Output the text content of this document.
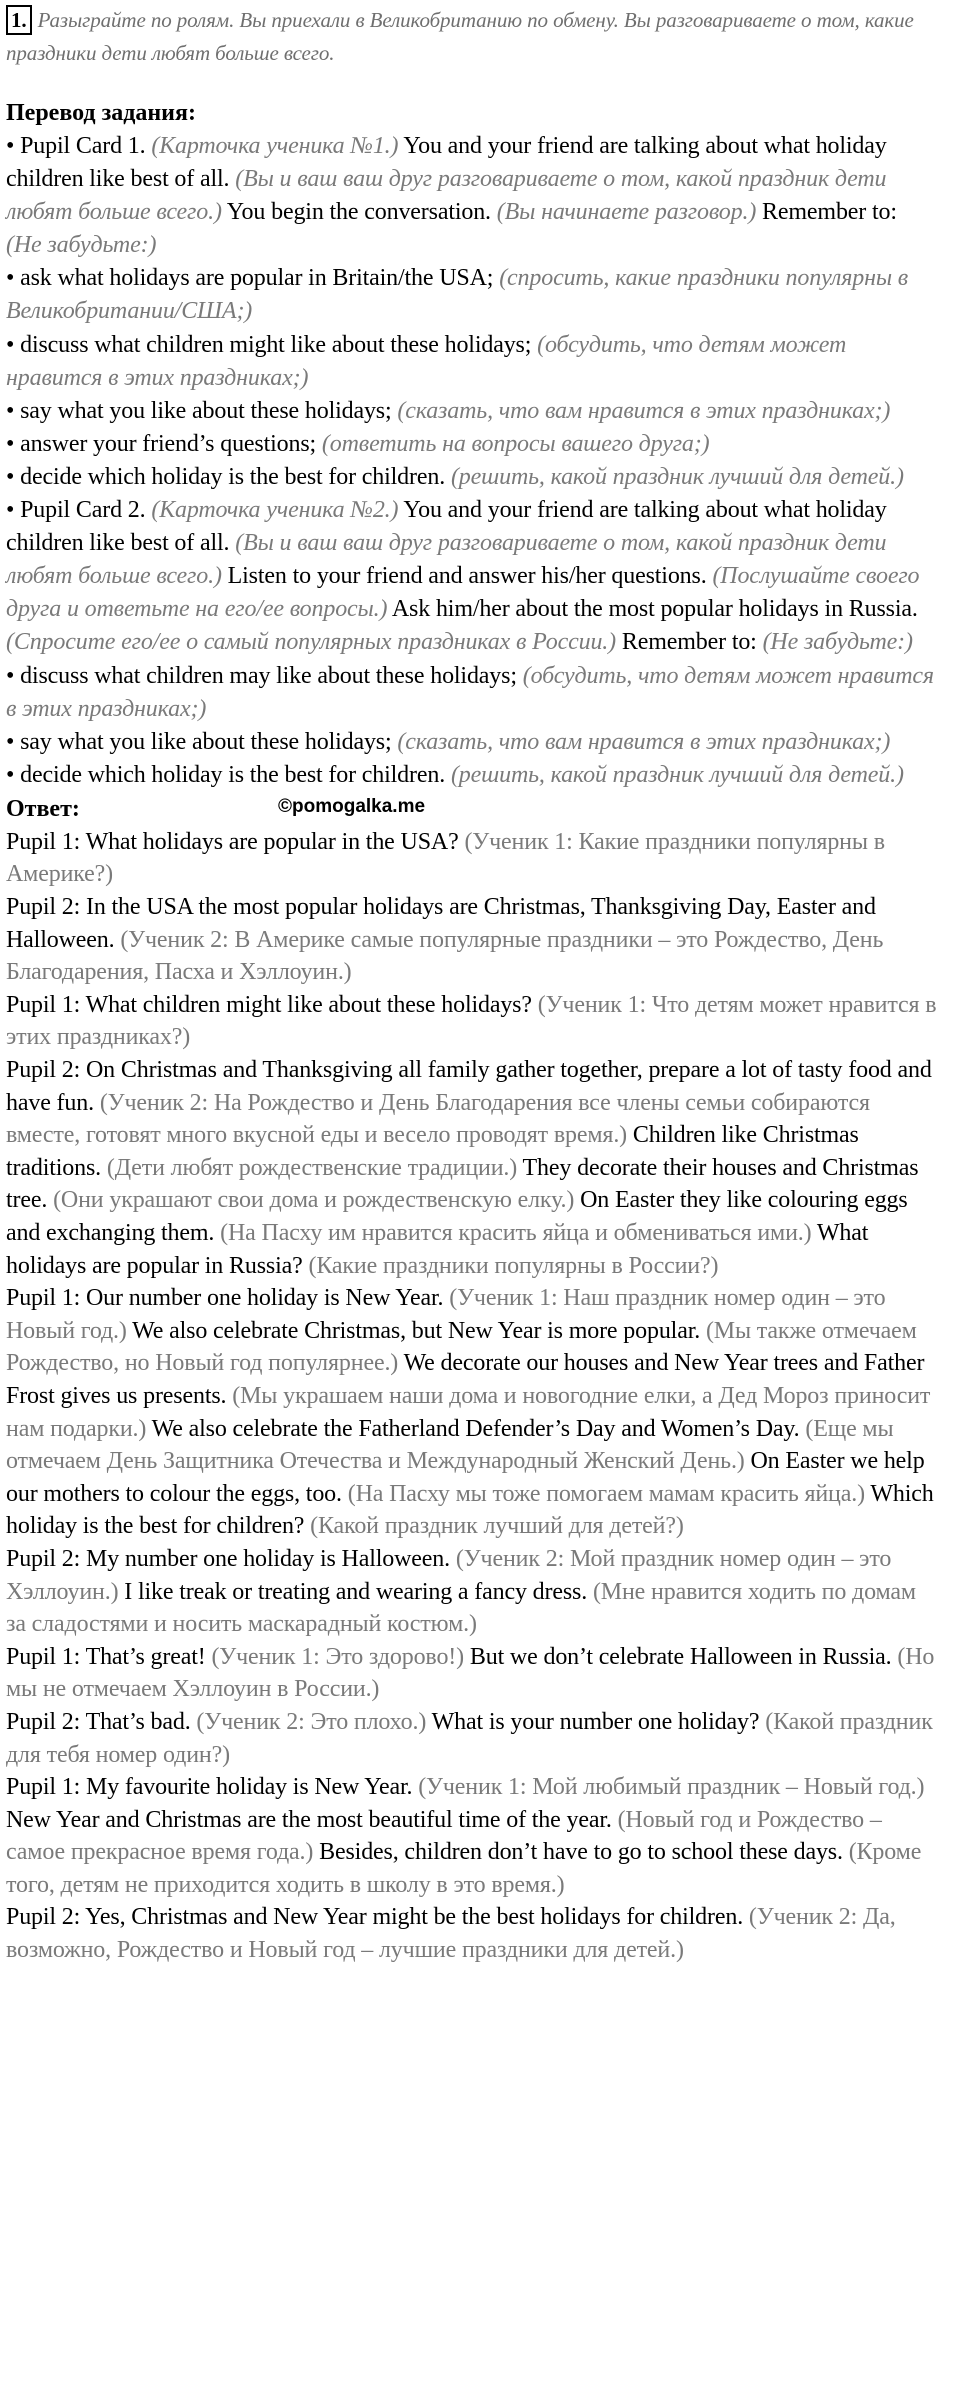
1. Разыграйте по ролям. Вы приехали в Великобританию по обмену. Вы разговариваете о том, какие праздники дети любят больше всего.
Перевод задания:
• Pupil Card 1. (Карточка ученика №1.) You and your friend are talking about what holiday children like best of all. (Вы и ваш ваш друг разговариваете о том, какой праздник дети любят больше всего.) You begin the conversation. (Вы начинаете разговор.) Remember to: (Не забудьте:)
• ask what holidays are popular in Britain/the USA; (спросить, какие праздники популярны в Великобритании/США;)
• discuss what children might like about these holidays; (обсудить, что детям может нравится в этих праздниках;)
• say what you like about these holidays; (сказать, что вам нравится в этих праздниках;)
• answer your friend’s questions; (ответить на вопросы вашего друга;)
• decide which holiday is the best for children. (решить, какой праздник лучший для детей.)
• Pupil Card 2. (Карточка ученика №2.) You and your friend are talking about what holiday children like best of all. (Вы и ваш ваш друг разговариваете о том, какой праздник дети любят больше всего.) Listen to your friend and answer his/her questions. (Послушайте своего друга и ответьте на его/ее вопросы.) Ask him/her about the most popular holidays in Russia. (Спросите его/ее о самый популярных праздниках в России.) Remember to: (Не забудьте:)
• discuss what children may like about these holidays; (обсудить, что детям может нравится в этих праздниках;)
• say what you like about these holidays; (сказать, что вам нравится в этих праздниках;)
• decide which holiday is the best for children. (решить, какой праздник лучший для детей.)
Ответ:	©pomogalka.me
Pupil 1: What holidays are popular in the USA? (Ученик 1: Какие праздники популярны в Америке?)
Pupil 2: In the USA the most popular holidays are Christmas, Thanksgiving Day, Easter and Halloween. (Ученик 2: В Америке самые популярные праздники – это Рождество, День Благодарения, Пасха и Хэллоуин.)
Pupil 1: What children might like about these holidays? (Ученик 1: Что детям может нравится в этих праздниках?)
Pupil 2: On Christmas and Thanksgiving all family gather together, prepare a lot of tasty food and have fun. (Ученик 2: На Рождество и День Благодарения все члены семьи собираются вместе, готовят много вкусной еды и весело проводят время.) Children like Christmas traditions. (Дети любят рождественские традиции.) They decorate their houses and Christmas tree. (Они украшают свои дома и рождественскую елку.) On Easter they like colouring eggs and exchanging them. (На Пасху им нравится красить яйца и обмениваться ими.) What holidays are popular in Russia? (Какие праздники популярны в России?)
Pupil 1: Our number one holiday is New Year. (Ученик 1: Наш праздник номер один – это Новый год.) We also celebrate Christmas, but New Year is more popular. (Мы также отмечаем Рождество, но Новый год популярнее.) We decorate our houses and New Year trees and Father Frost gives us presents. (Мы украшаем наши дома и новогодние елки, а Дед Мороз приносит нам подарки.) We also celebrate the Fatherland Defender’s Day and Women’s Day. (Еще мы отмечаем День Защитника Отечества и Международный Женский День.) On Easter we help our mothers to colour the eggs, too. (На Пасху мы тоже помогаем мамам красить яйца.) Which holiday is the best for children? (Какой праздник лучший для детей?)
Pupil 2: My number one holiday is Halloween. (Ученик 2: Мой праздник номер один – это Хэллоуин.) I like treak or treating and wearing a fancy dress. (Мне нравится ходить по домам за сладостями и носить маскарадный костюм.)
Pupil 1: That’s great! (Ученик 1: Это здорово!) But we don’t celebrate Halloween in Russia. (Но мы не отмечаем Хэллоуин в России.)
Pupil 2: That’s bad. (Ученик 2: Это плохо.) What is your number one holiday? (Какой праздник для тебя номер один?)
Pupil 1: My favourite holiday is New Year. (Ученик 1: Мой любимый праздник – Новый год.) New Year and Christmas are the most beautiful time of the year. (Новый год и Рождество – самое прекрасное время года.) Besides, children don’t have to go to school these days. (Кроме того, детям не приходится ходить в школу в это время.)
Pupil 2: Yes, Christmas and New Year might be the best holidays for children. (Ученик 2: Да, возможно, Рождество и Новый год – лучшие праздники для детей.)
